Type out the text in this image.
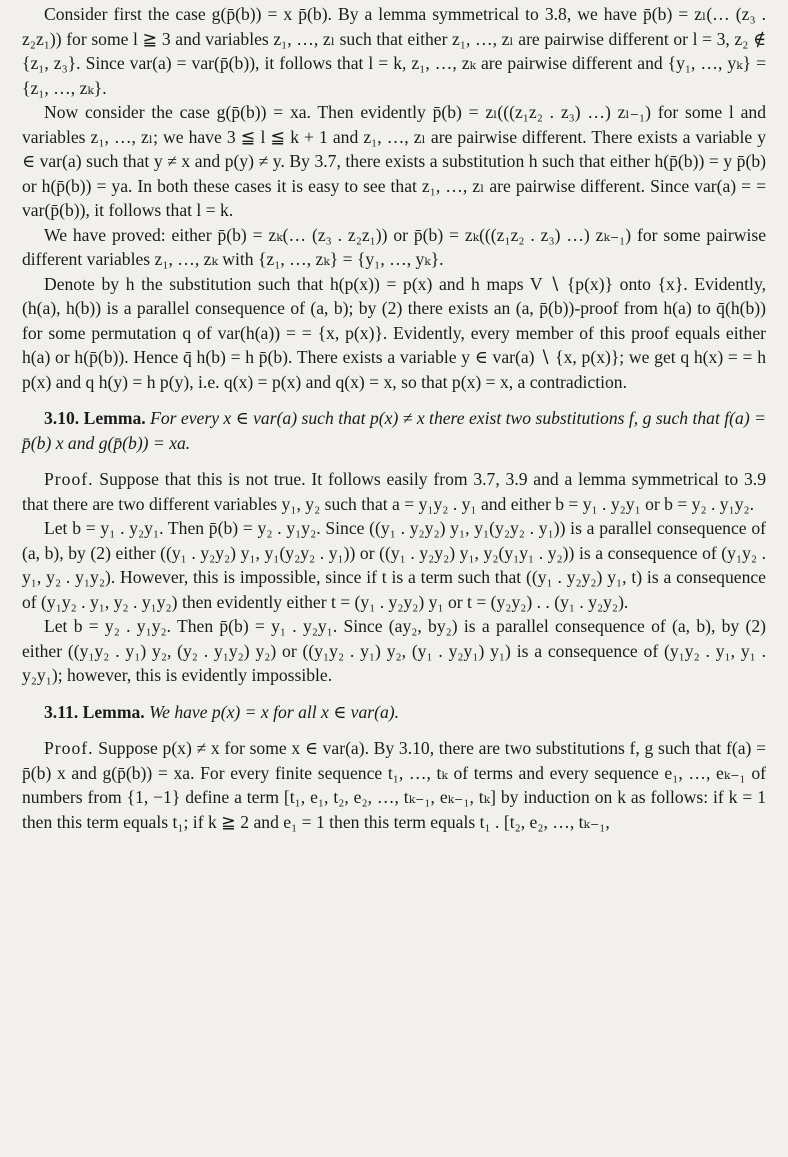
Consider first the case g(p̄(b)) = x p̄(b). By a lemma symmetrical to 3.8, we have p̄(b) = zₗ(… (z₃ . z₂z₁)) for some l ≧ 3 and variables z₁, …, zₗ such that either z₁, …, zₗ are pairwise different or l = 3, z₂ ∉ {z₁, z₃}. Since var(a) = var(p̄(b)), it follows that l = k, z₁, …, zₖ are pairwise different and {y₁, …, yₖ} = {z₁, …, zₖ}.

Now consider the case g(p̄(b)) = xa. Then evidently p̄(b) = zₗ(((z₁z₂ . z₃) …) zₗ₋₁) for some l and variables z₁, …, zₗ; we have 3 ≦ l ≦ k + 1 and z₁, …, zₗ are pairwise different. There exists a variable y ∈ var(a) such that y ≠ x and p(y) ≠ y. By 3.7, there exists a substitution h such that either h(p̄(b)) = y p̄(b) or h(p̄(b)) = ya. In both these cases it is easy to see that z₁, …, zₗ are pairwise different. Since var(a) = = var(p̄(b)), it follows that l = k.

We have proved: either p̄(b) = zₖ(… (z₃ . z₂z₁)) or p̄(b) = zₖ(((z₁z₂ . z₃) …) zₖ₋₁) for some pairwise different variables z₁, …, zₖ with {z₁, …, zₖ} = {y₁, …, yₖ}.

Denote by h the substitution such that h(p(x)) = p(x) and h maps V ∖ {p(x)} onto {x}. Evidently, (h(a), h(b)) is a parallel consequence of (a, b); by (2) there exists an (a, p̄(b))-proof from h(a) to q̄(h(b)) for some permutation q of var(h(a)) = = {x, p(x)}. Evidently, every member of this proof equals either h(a) or h(p̄(b)). Hence q̄ h(b) = h p̄(b). There exists a variable y ∈ var(a) ∖ {x, p(x)}; we get q h(x) = = h p(x) and q h(y) = h p(y), i.e. q(x) = p(x) and q(x) = x, so that p(x) = x, a contradiction.

3.10. Lemma. For every x ∈ var(a) such that p(x) ≠ x there exist two substitutions f, g such that f(a) = p̄(b) x and g(p̄(b)) = xa.

Proof. Suppose that this is not true. It follows easily from 3.7, 3.9 and a lemma symmetrical to 3.9 that there are two different variables y₁, y₂ such that a = y₁y₂ . y₁ and either b = y₁ . y₂y₁ or b = y₂ . y₁y₂.

Let b = y₁ . y₂y₁. Then p̄(b) = y₂ . y₁y₂. Since ((y₁ . y₂y₂) y₁, y₁(y₂y₂ . y₁)) is a parallel consequence of (a, b), by (2) either ((y₁ . y₂y₂) y₁, y₁(y₂y₂ . y₁)) or ((y₁ . y₂y₂) y₁, y₂(y₁y₁ . y₂)) is a consequence of (y₁y₂ . y₁, y₂ . y₁y₂). However, this is impossible, since if t is a term such that ((y₁ . y₂y₂) y₁, t) is a consequence of (y₁y₂ . y₁, y₂ . y₁y₂) then evidently either t = (y₁ . y₂y₂) y₁ or t = (y₂y₂) . . (y₁ . y₂y₂).

Let b = y₂ . y₁y₂. Then p̄(b) = y₁ . y₂y₁. Since (ay₂, by₂) is a parallel consequence of (a, b), by (2) either ((y₁y₂ . y₁) y₂, (y₂ . y₁y₂) y₂) or ((y₁y₂ . y₁) y₂, (y₁ . y₂y₁) y₁) is a consequence of (y₁y₂ . y₁, y₁ . y₂y₁); however, this is evidently impossible.

3.11. Lemma. We have p(x) = x for all x ∈ var(a).

Proof. Suppose p(x) ≠ x for some x ∈ var(a). By 3.10, there are two substitutions f, g such that f(a) = p̄(b) x and g(p̄(b)) = xa. For every finite sequence t₁, …, tₖ of terms and every sequence e₁, …, eₖ₋₁ of numbers from {1, −1} define a term [t₁, e₁, t₂, e₂, …, tₖ₋₁, eₖ₋₁, tₖ] by induction on k as follows: if k = 1 then this term equals t₁; if k ≧ 2 and e₁ = 1 then this term equals t₁ . [t₂, e₂, …, tₖ₋₁,
